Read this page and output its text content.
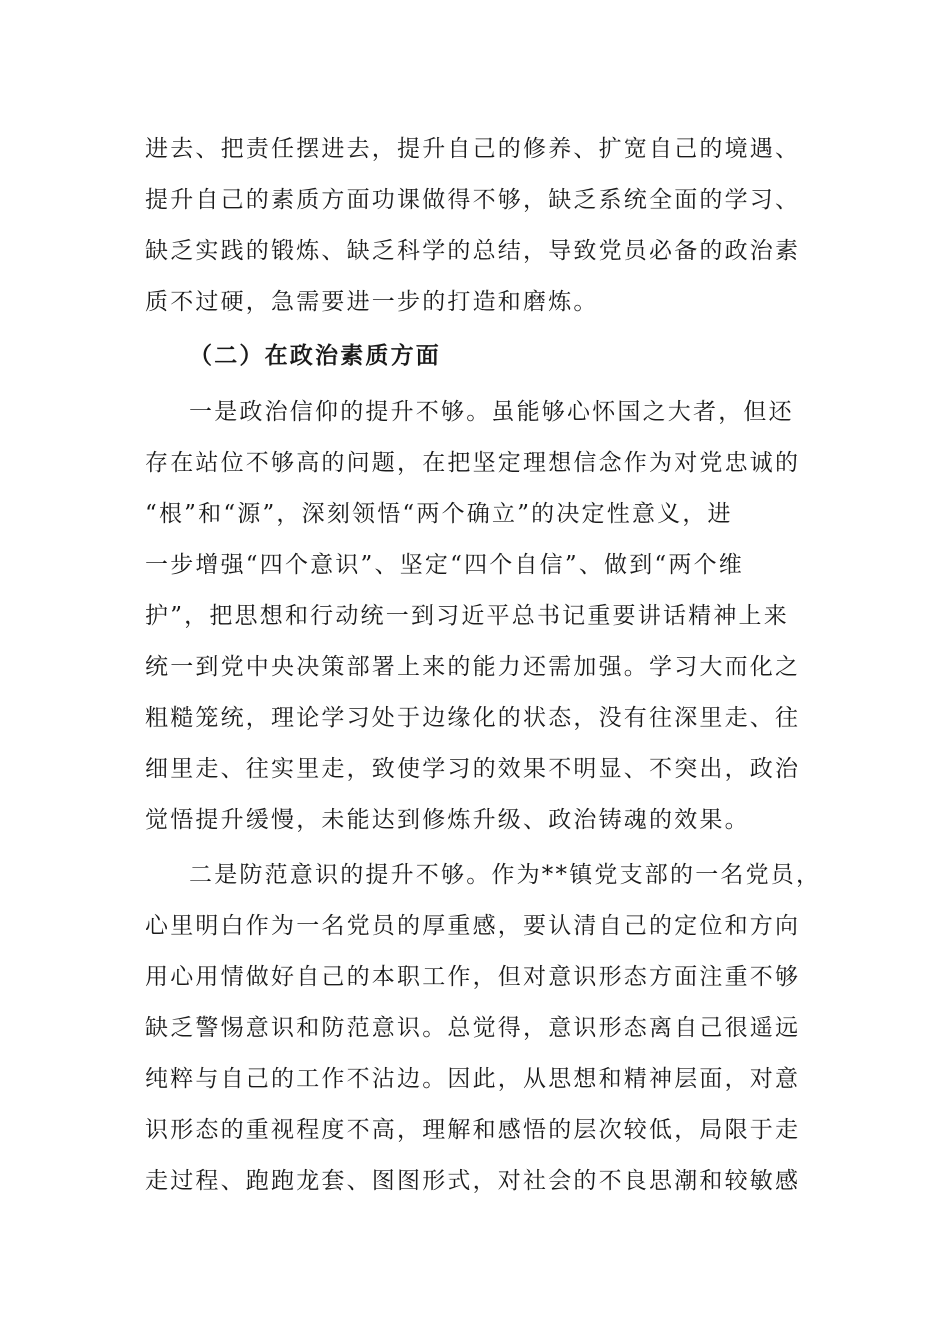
进去、把责任摆进去，提升自己的修养、扩宽自己的境遇、
提升自己的素质方面功课做得不够，缺乏系统全面的学习、
缺乏实践的锻炼、缺乏科学的总结，导致党员必备的政治素
质不过硬，急需要进一步的打造和磨炼。
（二）在政治素质方面
一是政治信仰的提升不够。虽能够心怀国之大者，但还
存在站位不够高的问题，在把坚定理想信念作为对党忠诚的
“根”和“源”，深刻领悟“两个确立”的决定性意义，进
一步增强“四个意识”、坚定“四个自信”、做到“两个维
护”，把思想和行动统一到习近平总书记重要讲话精神上来
统一到党中央决策部署上来的能力还需加强。学习大而化之
粗糙笼统，理论学习处于边缘化的状态，没有往深里走、往
细里走、往实里走，致使学习的效果不明显、不突出，政治
觉悟提升缓慢，未能达到修炼升级、政治铸魂的效果。
二是防范意识的提升不够。作为**镇党支部的一名党员，
心里明白作为一名党员的厚重感，要认清自己的定位和方向
用心用情做好自己的本职工作，但对意识形态方面注重不够
缺乏警惕意识和防范意识。总觉得，意识形态离自己很遥远
纯粹与自己的工作不沾边。因此，从思想和精神层面，对意
识形态的重视程度不高，理解和感悟的层次较低，局限于走
走过程、跑跑龙套、图图形式，对社会的不良思潮和较敏感
